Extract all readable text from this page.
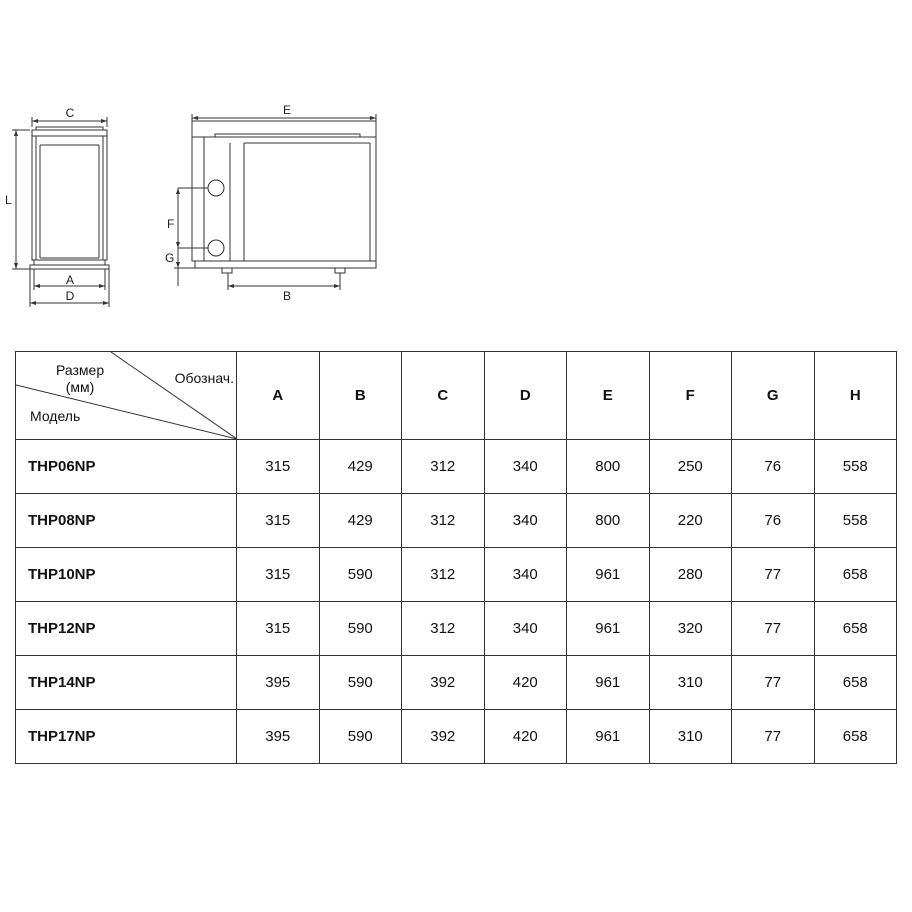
C
L
A
D
E
F
G
B
Размер
(мм)
Обознач.
Модель	A	B	C	D	E	F	G	H
THP06NP	315	429	312	340	800	250	76	558
THP08NP	315	429	312	340	800	220	76	558
THP10NP	315	590	312	340	961	280	77	658
THP12NP	315	590	312	340	961	320	77	658
THP14NP	395	590	392	420	961	310	77	658
THP17NP	395	590	392	420	961	310	77	658
